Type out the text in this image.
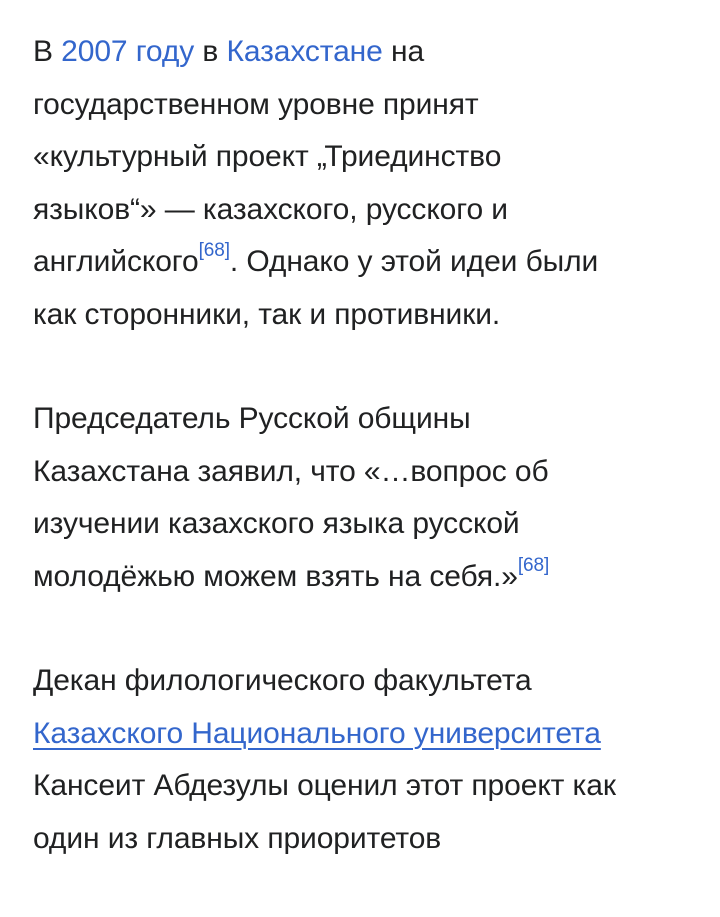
В 2007 году в Казахстане на
государственном уровне принят
«культурный проект „Триединство
языков“» — казахского, русского и
английского[68]. Однако у этой идеи были
как сторонники, так и противники.

Председатель Русской общины
Казахстана заявил, что «…вопрос об
изучении казахского языка русской
молодёжью можем взять на себя.»[68]

Декан филологического факультета
Казахского Национального университета
Кансеит Абдезулы оценил этот проект как
один из главных приоритетов
